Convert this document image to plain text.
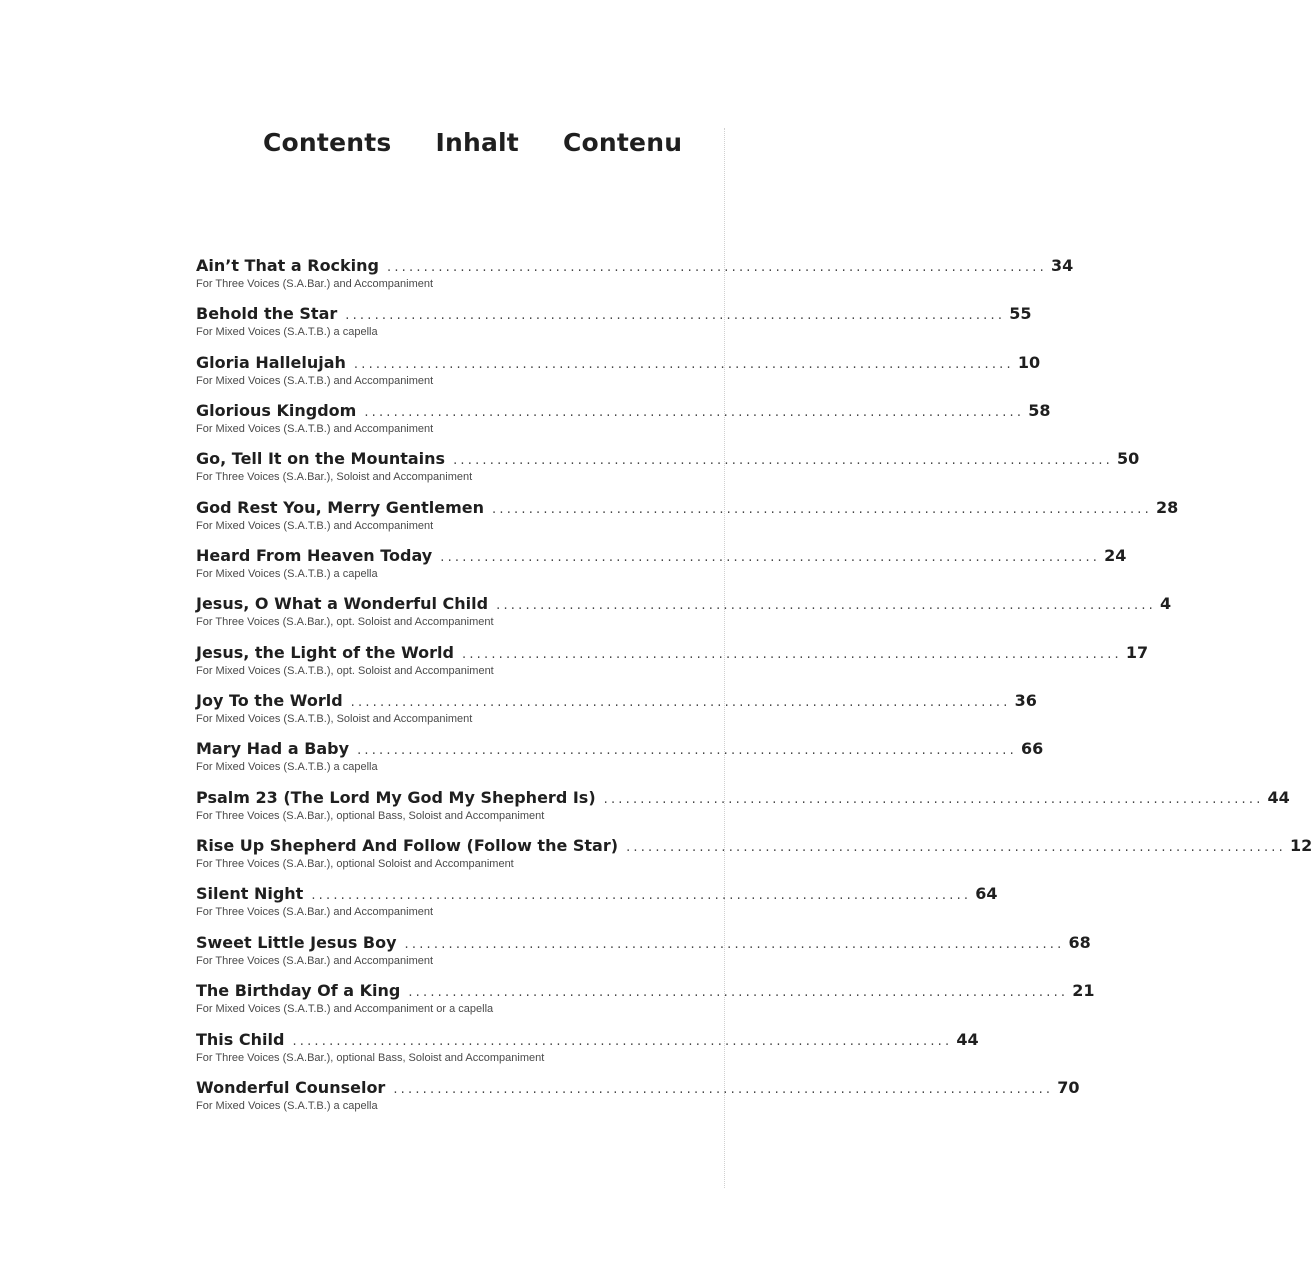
Contents Inhalt Contenu
Ain’t That a Rocking .......................................................................................... 34
For Three Voices (S.A.Bar.) and Accompaniment
Behold the Star .......................................................................................... 55
For Mixed Voices (S.A.T.B.) a capella
Gloria Hallelujah .......................................................................................... 10
For Mixed Voices (S.A.T.B.) and Accompaniment
Glorious Kingdom .......................................................................................... 58
For Mixed Voices (S.A.T.B.) and Accompaniment
Go, Tell It on the Mountains .......................................................................................... 50
For Three Voices (S.A.Bar.), Soloist and Accompaniment
God Rest You, Merry Gentlemen .......................................................................................... 28
For Mixed Voices (S.A.T.B.) and Accompaniment
Heard From Heaven Today .......................................................................................... 24
For Mixed Voices (S.A.T.B.) a capella
Jesus, O What a Wonderful Child .......................................................................................... 4
For Three Voices (S.A.Bar.), opt. Soloist and Accompaniment
Jesus, the Light of the World .......................................................................................... 17
For Mixed Voices (S.A.T.B.), opt. Soloist and Accompaniment
Joy To the World .......................................................................................... 36
For Mixed Voices (S.A.T.B.), Soloist and Accompaniment
Mary Had a Baby .......................................................................................... 66
For Mixed Voices (S.A.T.B.) a capella
Psalm 23 (The Lord My God My Shepherd Is) .......................................................................................... 44
For Three Voices (S.A.Bar.), optional Bass, Soloist and Accompaniment
Rise Up Shepherd And Follow (Follow the Star) .......................................................................................... 12
For Three Voices (S.A.Bar.), optional Soloist and Accompaniment
Silent Night .......................................................................................... 64
For Three Voices (S.A.Bar.) and Accompaniment
Sweet Little Jesus Boy .......................................................................................... 68
For Three Voices (S.A.Bar.) and Accompaniment
The Birthday Of a King .......................................................................................... 21
For Mixed Voices (S.A.T.B.) and Accompaniment or a capella
This Child .......................................................................................... 44
For Three Voices (S.A.Bar.), optional Bass, Soloist and Accompaniment
Wonderful Counselor .......................................................................................... 70
For Mixed Voices (S.A.T.B.) a capella
